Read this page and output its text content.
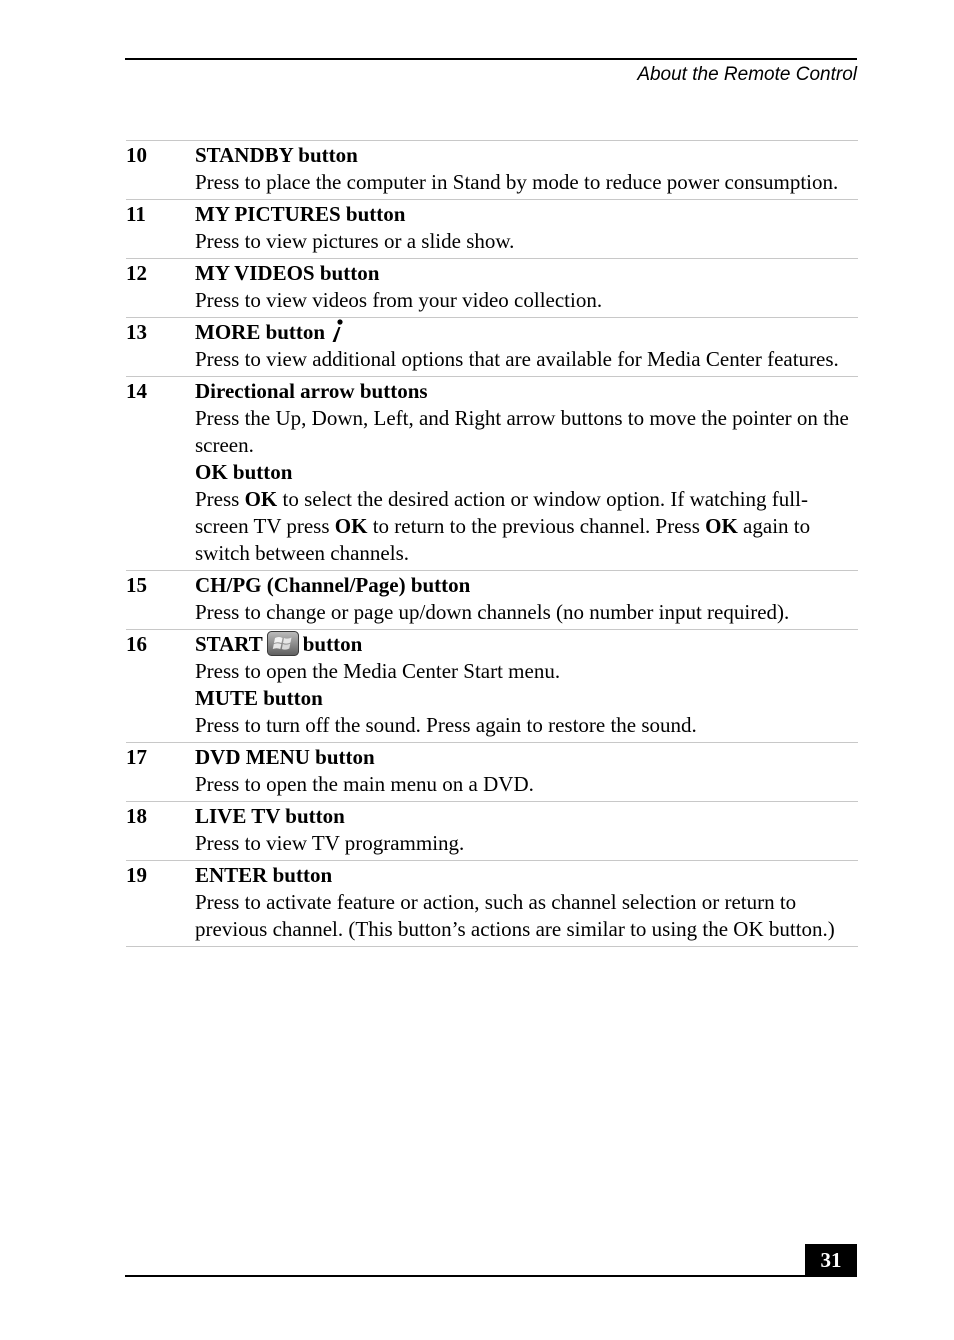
About the Remote Control
10	STANDBY button
Press to place the computer in Stand by mode to reduce power consumption.
11	MY PICTURES button
Press to view pictures or a slide show.
12	MY VIDEOS button
Press to view videos from your video collection.
13	MORE button
Press to view additional options that are available for Media Center features.
14	Directional arrow buttons
Press the Up, Down, Left, and Right arrow buttons to move the pointer on the screen.
OK button
Press OK to select the desired action or window option. If watching full-screen TV press OK to return to the previous channel. Press OK again to switch between channels.
15	CH/PG (Channel/Page) button
Press to change or page up/down channels (no number input required).
16	START button
Press to open the Media Center Start menu.
MUTE button
Press to turn off the sound. Press again to restore the sound.
17	DVD MENU button
Press to open the main menu on a DVD.
18	LIVE TV button
Press to view TV programming.
19	ENTER button
Press to activate feature or action, such as channel selection or return to previous channel. (This button’s actions are similar to using the OK button.)
31
